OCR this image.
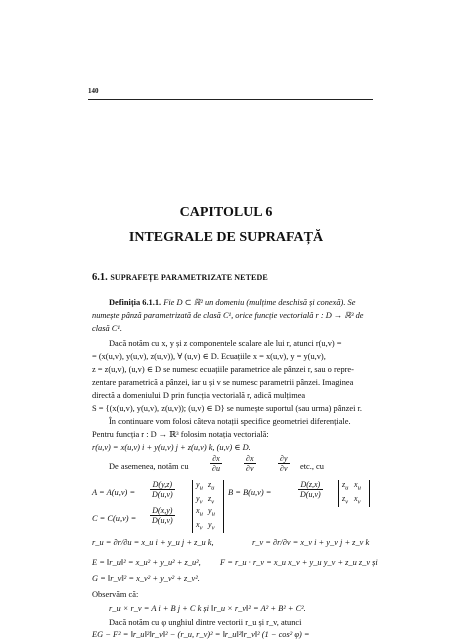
140
CAPITOLUL 6
INTEGRALE DE SUPRAFAȚĂ
6.1. SUPRAFEȚE PARAMETRIZATE NETEDE
Definiția 6.1.1. Fie D ⊂ ℝ² un domeniu (mulțime deschisă și conexă). Se
numește pânză parametrizată de clasă C¹, orice funcție vectorială r : D → ℝ³ de
clasă C¹.
Dacă notăm cu x, y și z componentele scalare ale lui r, atunci r(u,v) =
= (x(u,v), y(u,v), z(u,v)), ∀ (u,v) ∈ D. Ecuațiile x = x(u,v), y = y(u,v),
z = z(u,v), (u,v) ∈ D se numesc ecuațiile parametrice ale pânzei r, sau o repre-
zentare parametrică a pânzei, iar u și v se numesc parametrii pânzei. Imaginea
directă a domeniului D prin funcția vectorială r, adică mulțimea
S = {(x(u,v), y(u,v), z(u,v)); (u,v) ∈ D} se numește suportul (sau urma) pânzei r.
În continuare vom folosi câteva notații specifice geometriei diferențiale.
Pentru funcția r : D → ℝ³ folosim notația vectorială:
r(u,v) = x(u,v) i + y(u,v) j + z(u,v) k, (u,v) ∈ D.
De asemenea, notăm cu	$\frac{\partial x}{\partial u}$	$\frac{\partial x}{\partial v}$	$\frac{\partial y}{\partial v}$ etc., cu
$A = A(u,v) = \frac{D(y,z)}{D(u,v)}$	$y_u$ $z_u$
$y_v$ $z_v$
B = B(u,v) =	$\frac{D(z,x)}{D(u,v)}$	$z_u$ $x_u$
$z_v$ $x_v$
$C = C(u,v) = \frac{D(x,y)}{D(u,v)}$	$x_u$ $y_u$
$x_v$ $y_v$
r_u = ∂r/∂u = x_u i + y_u j + z_u k,	r_v = ∂r/∂v = x_v i + y_v j + z_v k
E = ‖r_u‖² = x_u² + y_u² + z_u², F = r_u · r_v = x_u x_v + y_u y_v + z_u z_v și
G = ‖r_v‖² = x_v² + y_v² + z_v².
Observăm că:
r_u × r_v = A i + B j + C k și ‖r_u × r_v‖² = A² + B² + C².
Dacă notăm cu φ unghiul dintre vectorii r_u și r_v, atunci
EG − F² = ‖r_u‖²‖r_v‖² − (r_u, r_v)² = ‖r_u‖²‖r_v‖² (1 − cos² φ) =
